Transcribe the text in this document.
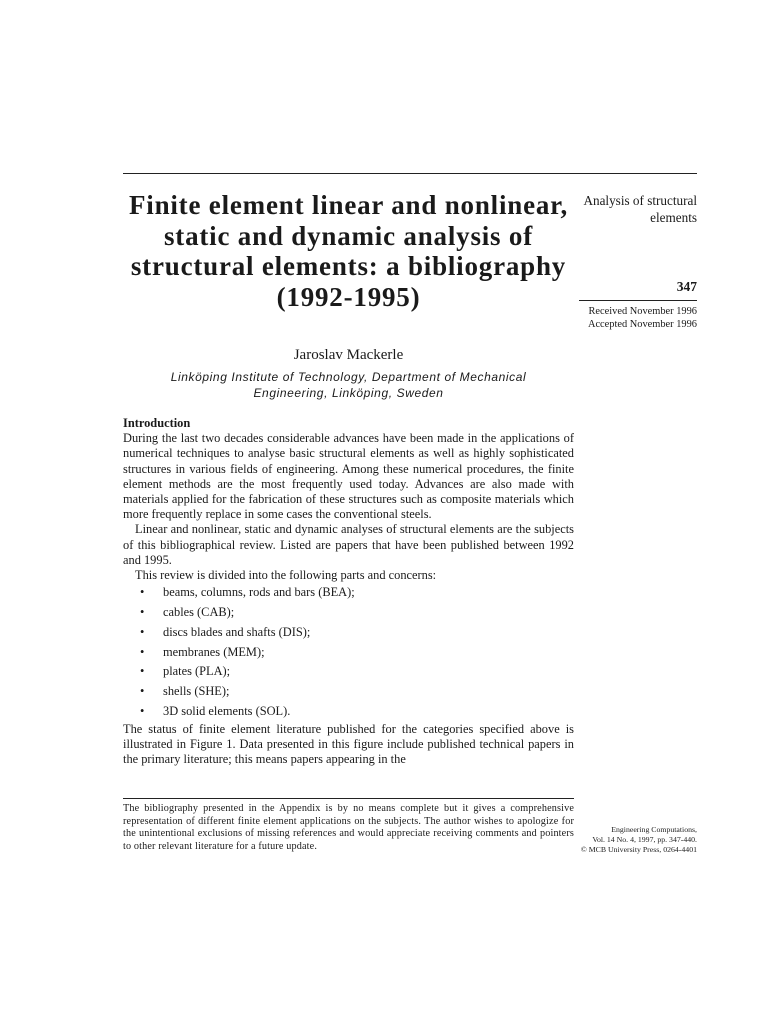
Finite element linear and nonlinear, static and dynamic analysis of structural elements: a bibliography (1992-1995)
Jaroslav Mackerle
Linköping Institute of Technology, Department of Mechanical
Engineering, Linköping, Sweden
Analysis of structural elements
347
Received November 1996
Accepted November 1996
Introduction

During the last two decades considerable advances have been made in the applications of numerical techniques to analyse basic structural elements as well as highly sophisticated structures in various fields of engineering. Among these numerical procedures, the finite element methods are the most frequently used today. Advances are also made with materials applied for the fabrication of these structures such as composite materials which more frequently replace in some cases the conventional steels.

Linear and nonlinear, static and dynamic analyses of structural elements are the subjects of this bibliographical review. Listed are papers that have been published between 1992 and 1995.

This review is divided into the following parts and concerns:

• beams, columns, rods and bars (BEA);
• cables (CAB);
• discs blades and shafts (DIS);
• membranes (MEM);
• plates (PLA);
• shells (SHE);
• 3D solid elements (SOL).

The status of finite element literature published for the categories specified above is illustrated in Figure 1. Data presented in this figure include published technical papers in the primary literature; this means papers appearing in the

The bibliography presented in the Appendix is by no means complete but it gives a comprehensive representation of different finite element applications on the subjects. The author wishes to apologize for the unintentional exclusions of missing references and would appreciate receiving comments and pointers to other relevant literature for a future update.
Engineering Computations,
Vol. 14 No. 4, 1997, pp. 347-440.
© MCB University Press, 0264-4401
